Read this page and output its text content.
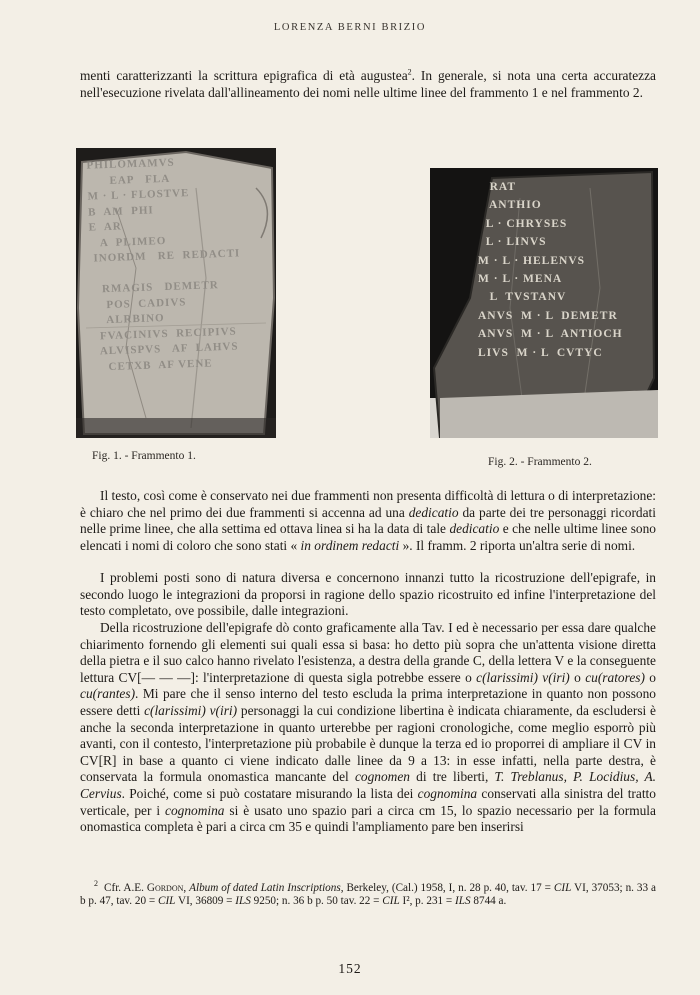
LORENZA BERNI BRIZIO

menti caratterizzanti la scrittura epigrafica di età augustea$^2$. In generale, si nota una certa accuratezza nell'esecuzione rivelata dall'allineamento dei nomi nelle ultime linee del frammento 1 e nel frammento 2.

PHILOMAMVS
EAP   FLA
M · L · FLOSTVE
B  AM  PHI
E  AR
A  PLIMEO
INORDM   RE  REDACTI

RMAGIS   DEMETR
POS  CADIVS
ALRBINO
FVACINIVS  RECIPIVS
ALVISPVS   AF  LAHVS
CETXB  AF VENE
Fig. 1. - Frammento 1.
RAT
ANTHIO
L · CHRYSES
L · LINVS
M · L · HELENVS
M · L · MENA
L  TVSTANV
ANVS  M · L  DEMETR
ANVS  M · L  ANTIOCH
LIVS  M · L  CVTYC
Fig. 2. - Frammento 2.

Il testo, così come è conservato nei due frammenti non presenta difficoltà di lettura o di interpretazione: è chiaro che nel primo dei due frammenti si accenna ad una dedicatio da parte dei tre personaggi ricordati nelle prime linee, che alla settima ed ottava linea si ha la data di tale dedicatio e che nelle ultime linee sono elencati i nomi di coloro che sono stati « in ordinem redacti ». Il framm. 2 riporta un'altra serie di nomi.

I problemi posti sono di natura diversa e concernono innanzi tutto la ricostruzione dell'epigrafe, in secondo luogo le integrazioni da proporsi in ragione dello spazio ricostruito ed infine l'interpretazione del testo completato, ove possibile, dalle integrazioni.

Della ricostruzione dell'epigrafe dò conto graficamente alla Tav. I ed è necessario per essa dare qualche chiarimento fornendo gli elementi sui quali essa si basa: ho detto più sopra che un'attenta visione diretta della pietra e il suo calco hanno rivelato l'esistenza, a destra della grande C, della lettera V e la conseguente lettura CV[— — —]: l'interpretazione di questa sigla potrebbe essere o c(larissimi) v(iri) o cu(ratores) o cu(rantes). Mi pare che il senso interno del testo escluda la prima interpretazione in quanto non possono essere detti c(larissimi) v(iri) personaggi la cui condizione libertina è indicata chiaramente, da escludersi è anche la seconda interpretazione in quanto urterebbe per ragioni cronologiche, come meglio esporrò più avanti, con il contesto, l'interpretazione più probabile è dunque la terza ed io proporrei di ampliare il CV in CV[R] in base a quanto ci viene indicato dalle linee da 9 a 13: in esse infatti, nella parte destra, è conservata la formula onomastica mancante del cognomen di tre liberti, T. Treblanus, P. Locidius, A. Cervius. Poiché, come si può costatare misurando la lista dei cognomina conservati alla sinistra del tratto verticale, per i cognomina si è usato uno spazio pari a circa cm 15, lo spazio necessario per la formula onomastica completa è pari a circa cm 35 e quindi l'ampliamento pare ben inserirsi

$^2$ Cfr. A.E. Gordon, Album of dated Latin Inscriptions, Berkeley, (Cal.) 1958, I, n. 28 p. 40, tav. 17 = CIL VI, 37053; n. 33 a b p. 47, tav. 20 = CIL VI, 36809 = ILS 9250; n. 36 b p. 50 tav. 22 = CIL I², p. 231 = ILS 8744 a.

152
